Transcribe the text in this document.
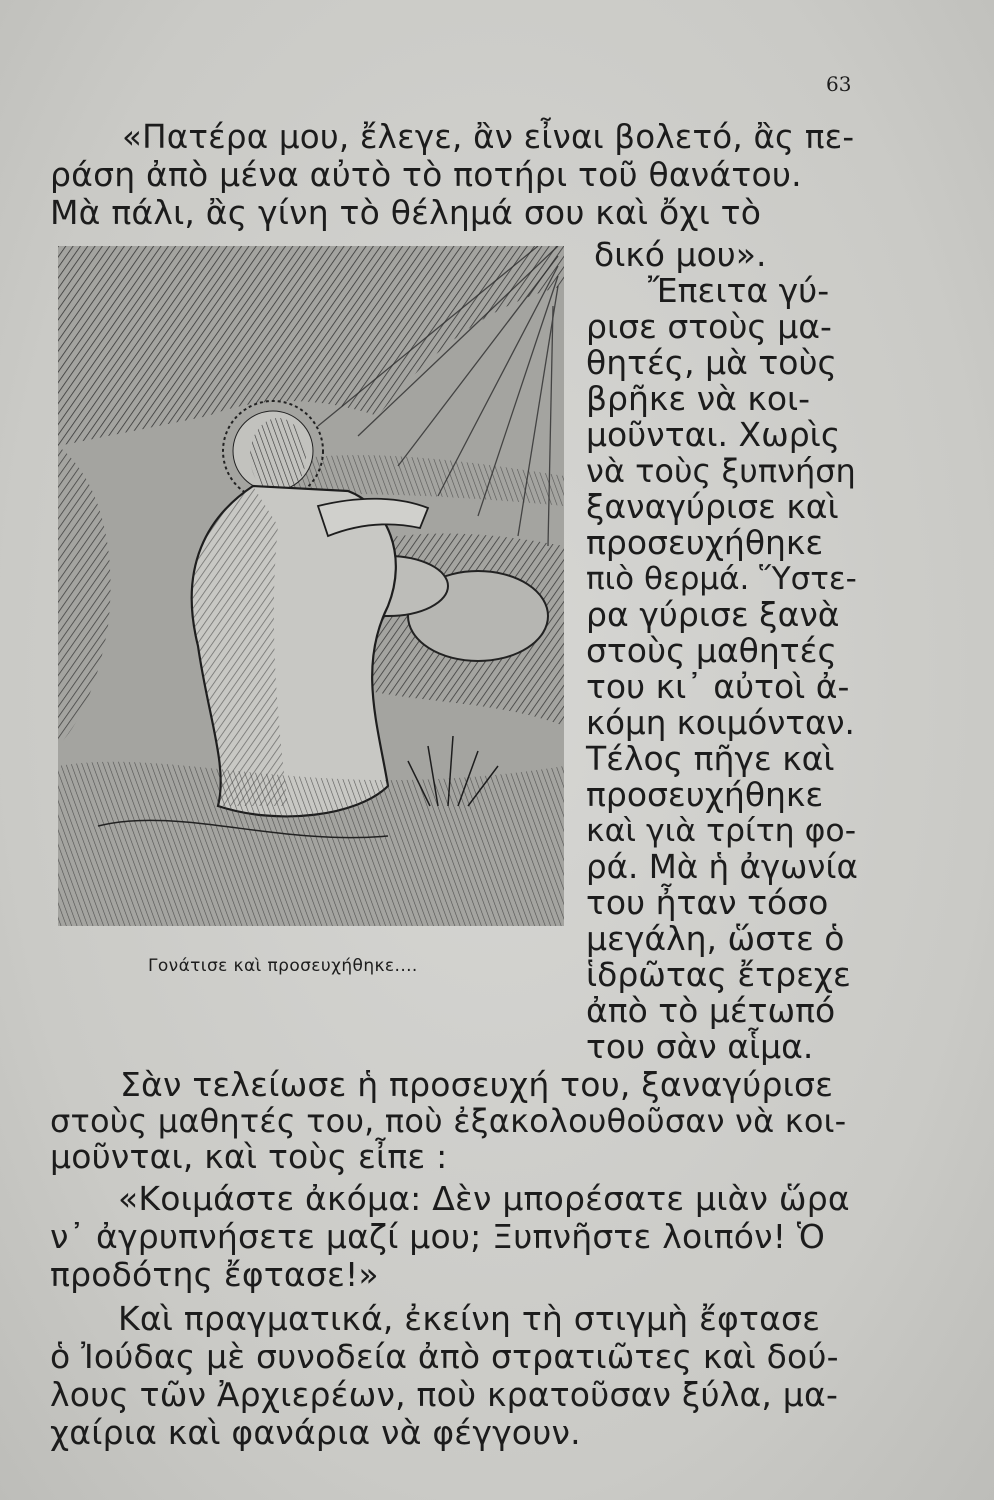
63
«Πατέρα μου, ἔλεγε, ἂν εἶναι βολετό, ἂς πε-
ράση ἀπὸ μένα αὐτὸ τὸ ποτήρι τοῦ θανάτου.
Μὰ πάλι, ἂς γίνη τὸ θέλημά σου καὶ ὄχι τὸ
δικό μου».
Ἔπειτα γύ-
ρισε στοὺς μα-
θητές, μὰ τοὺς
βρῆκε νὰ κοι-
μοῦνται. Χωρὶς
νὰ τοὺς ξυπνήση
ξαναγύρισε καὶ
προσευχήθηκε
πιὸ θερμά. Ὕστε-
ρα γύρισε ξανὰ
στοὺς μαθητές
του κι᾿ αὐτοὶ ἀ-
κόμη κοιμόνταν.
Τέλος πῆγε καὶ
προσευχήθηκε
καὶ γιὰ τρίτη φο-
ρά. Μὰ ἡ ἀγωνία
του ἦταν τόσο
μεγάλη, ὥστε ὁ
ἱδρῶτας ἔτρεχε
ἀπὸ τὸ μέτωπό
του σὰν αἷμα.
Γονάτισε καὶ προσευχήθηκε....
Σὰν τελείωσε ἡ προσευχή του, ξαναγύρισε
στοὺς μαθητές του, ποὺ ἐξακολουθοῦσαν νὰ κοι-
μοῦνται, καὶ τοὺς εἶπε :
«Κοιμάστε ἀκόμα: Δὲν μπορέσατε μιὰν ὥρα
ν᾿ ἀγρυπνήσετε μαζί μου; Ξυπνῆστε λοιπόν! Ὁ
προδότης ἔφτασε!»
Καὶ πραγματικά, ἐκείνη τὴ στιγμὴ ἔφτασε
ὁ Ἰούδας μὲ συνοδεία ἀπὸ στρατιῶτες καὶ δού-
λους τῶν Ἀρχιερέων, ποὺ κρατοῦσαν ξύλα, μα-
χαίρια καὶ φανάρια νὰ φέγγουν.
